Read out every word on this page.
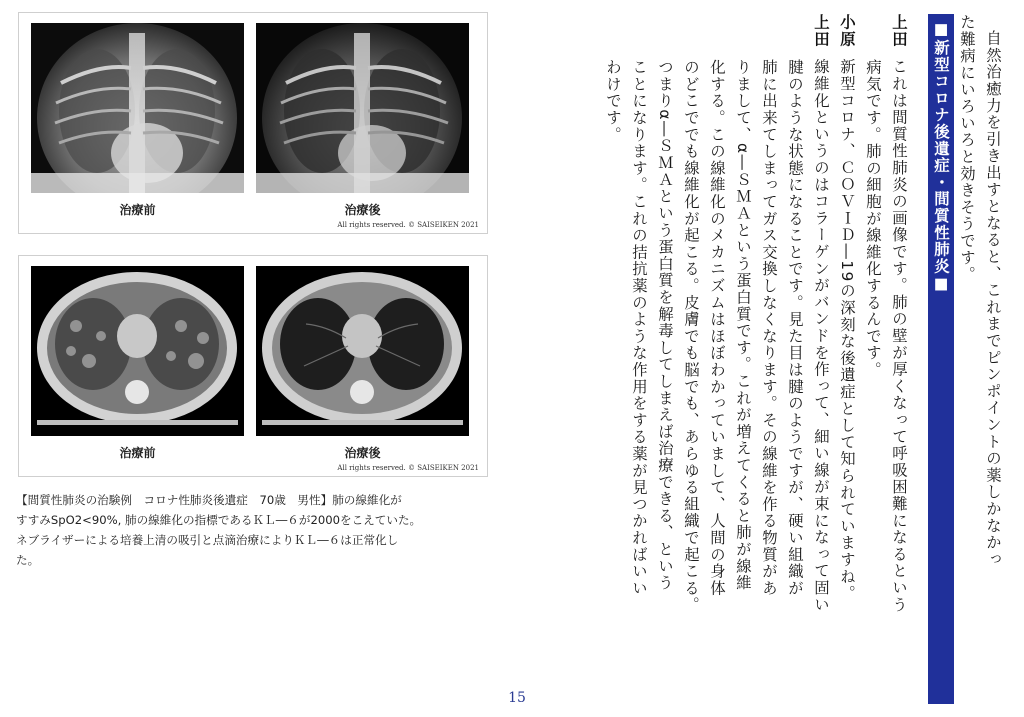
治療前	治療後
All rights reserved. © SAISEIKEN 2021
治療前	治療後
All rights reserved. © SAISEIKEN 2021
【間質性肺炎の治験例　コロナ性肺炎後遺症　70歳　男性】肺の線維化が
すすみSpO2<90%, 肺の線維化の指標であるＫＬ―６が2000をこえていた。
ネブライザーによる培養上清の吸引と点滴治療によりＫＬ―６は正常化し
た。	自然治癒力を引き出すとなると、これまでピンポイントの薬しかなかっ
た難病にいろいろと効きそうです。
■新型コロナ後遺症・間質性肺炎■
上田これは間質性肺炎の画像です。肺の壁が厚くなって呼吸困難になるという
病気です。肺の細胞が線維化するんです。
小原新型コロナ、ＣＯＶＩＤ―19の深刻な後遺症として知られていますね。
上田線維化というのはコラーゲンがバンドを作って、細い線が束になって固い
腱のような状態になることです。見た目は腱のようですが、硬い組織が
肺に出来てしまってガス交換しなくなります。その線維を作る物質があ
りまして、α―ＳＭＡという蛋白質です。これが増えてくると肺が線維
化する。この線維化のメカニズムはほぼわかっていまして、人間の身体
のどこででも線維化が起こる。皮膚でも脳でも、あらゆる組織で起こる。
つまりα―ＳＭＡという蛋白質を解毒してしまえば治療できる、という
ことになります。これの拮抗薬のような作用をする薬が見つかればいい
わけです。
15
